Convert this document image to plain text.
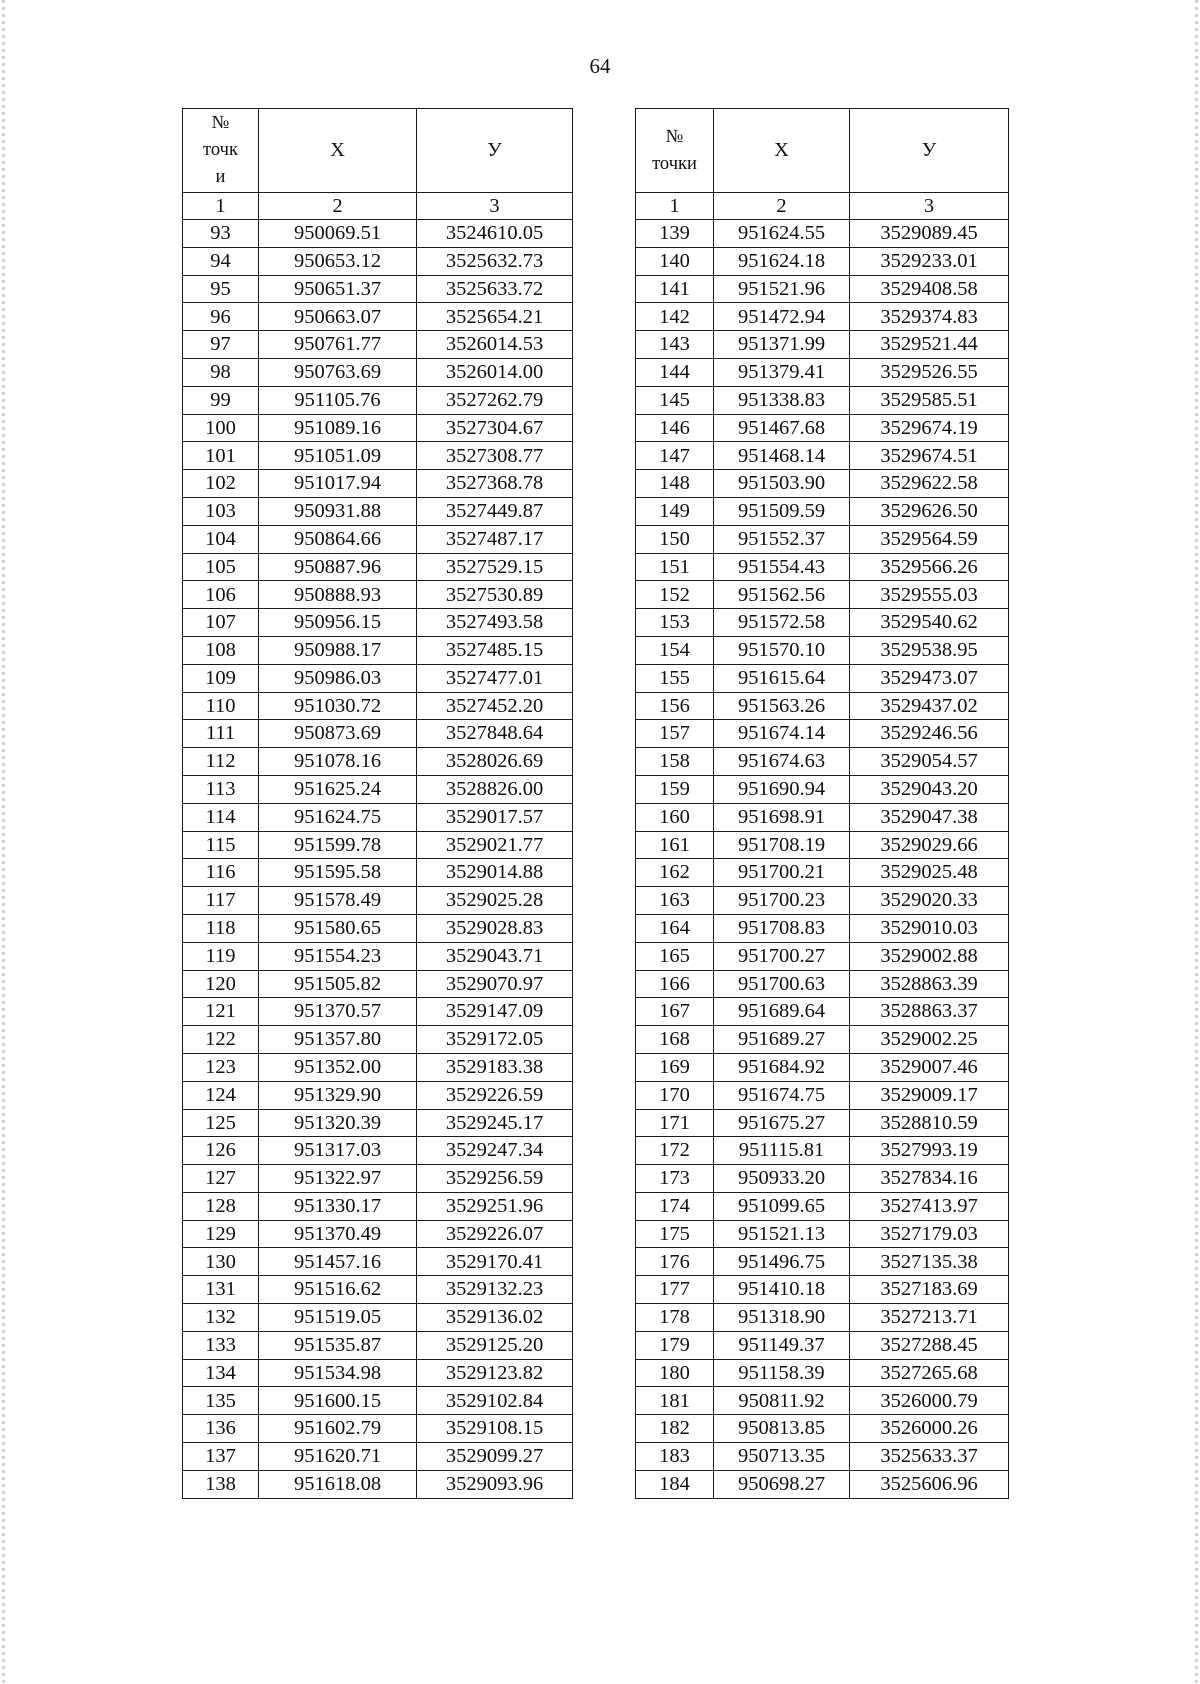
64
№
точк
и	Х	У
1	2	3
93	950069.51	3524610.05
94	950653.12	3525632.73
95	950651.37	3525633.72
96	950663.07	3525654.21
97	950761.77	3526014.53
98	950763.69	3526014.00
99	951105.76	3527262.79
100	951089.16	3527304.67
101	951051.09	3527308.77
102	951017.94	3527368.78
103	950931.88	3527449.87
104	950864.66	3527487.17
105	950887.96	3527529.15
106	950888.93	3527530.89
107	950956.15	3527493.58
108	950988.17	3527485.15
109	950986.03	3527477.01
110	951030.72	3527452.20
111	950873.69	3527848.64
112	951078.16	3528026.69
113	951625.24	3528826.00
114	951624.75	3529017.57
115	951599.78	3529021.77
116	951595.58	3529014.88
117	951578.49	3529025.28
118	951580.65	3529028.83
119	951554.23	3529043.71
120	951505.82	3529070.97
121	951370.57	3529147.09
122	951357.80	3529172.05
123	951352.00	3529183.38
124	951329.90	3529226.59
125	951320.39	3529245.17
126	951317.03	3529247.34
127	951322.97	3529256.59
128	951330.17	3529251.96
129	951370.49	3529226.07
130	951457.16	3529170.41
131	951516.62	3529132.23
132	951519.05	3529136.02
133	951535.87	3529125.20
134	951534.98	3529123.82
135	951600.15	3529102.84
136	951602.79	3529108.15
137	951620.71	3529099.27
138	951618.08	3529093.96
№
точки	Х	У
1	2	3
139	951624.55	3529089.45
140	951624.18	3529233.01
141	951521.96	3529408.58
142	951472.94	3529374.83
143	951371.99	3529521.44
144	951379.41	3529526.55
145	951338.83	3529585.51
146	951467.68	3529674.19
147	951468.14	3529674.51
148	951503.90	3529622.58
149	951509.59	3529626.50
150	951552.37	3529564.59
151	951554.43	3529566.26
152	951562.56	3529555.03
153	951572.58	3529540.62
154	951570.10	3529538.95
155	951615.64	3529473.07
156	951563.26	3529437.02
157	951674.14	3529246.56
158	951674.63	3529054.57
159	951690.94	3529043.20
160	951698.91	3529047.38
161	951708.19	3529029.66
162	951700.21	3529025.48
163	951700.23	3529020.33
164	951708.83	3529010.03
165	951700.27	3529002.88
166	951700.63	3528863.39
167	951689.64	3528863.37
168	951689.27	3529002.25
169	951684.92	3529007.46
170	951674.75	3529009.17
171	951675.27	3528810.59
172	951115.81	3527993.19
173	950933.20	3527834.16
174	951099.65	3527413.97
175	951521.13	3527179.03
176	951496.75	3527135.38
177	951410.18	3527183.69
178	951318.90	3527213.71
179	951149.37	3527288.45
180	951158.39	3527265.68
181	950811.92	3526000.79
182	950813.85	3526000.26
183	950713.35	3525633.37
184	950698.27	3525606.96
